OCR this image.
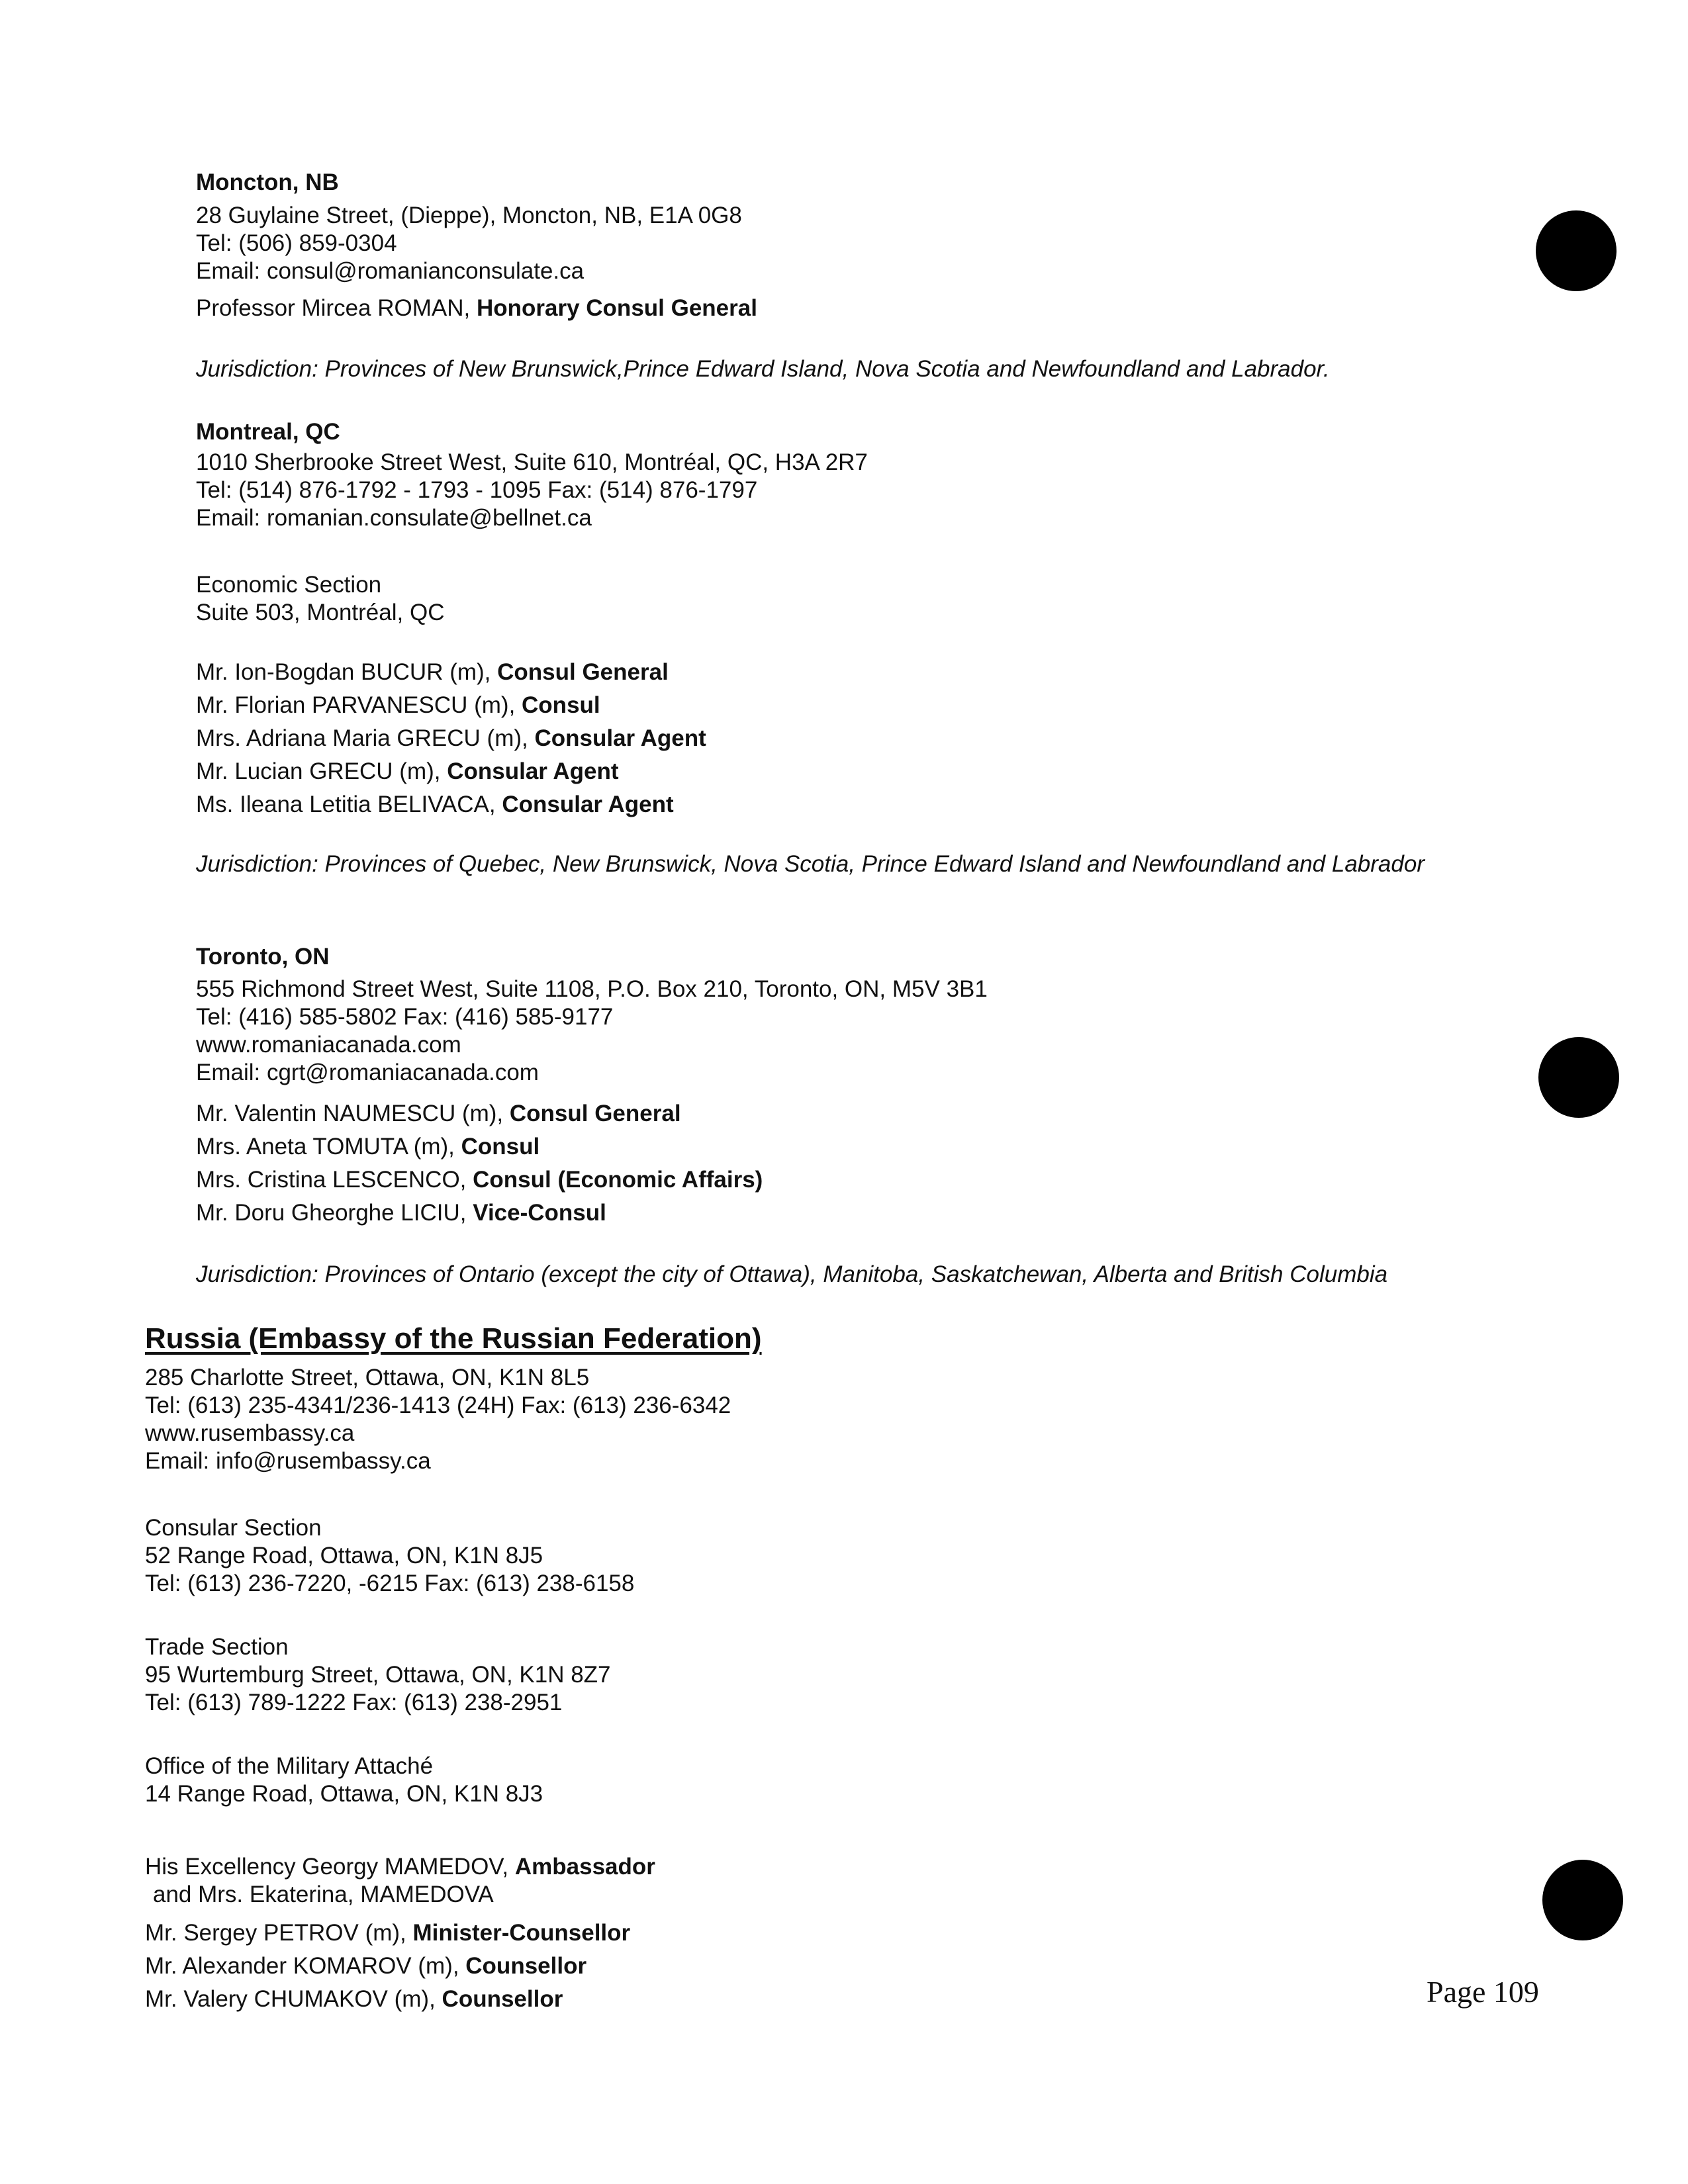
Moncton, NB
28 Guylaine Street, (Dieppe), Moncton, NB, E1A 0G8
Tel: (506) 859-0304
Email: consul@romanianconsulate.ca
Professor Mircea ROMAN, Honorary Consul General
Jurisdiction: Provinces of New Brunswick,Prince Edward Island, Nova Scotia and Newfoundland and Labrador.
Montreal, QC
1010 Sherbrooke Street West, Suite 610, Montréal, QC, H3A 2R7
Tel: (514) 876-1792 - 1793 - 1095 Fax: (514) 876-1797
Email: romanian.consulate@bellnet.ca
Economic Section
Suite 503, Montréal, QC
Mr. Ion-Bogdan BUCUR (m), Consul General
Mr. Florian PARVANESCU (m), Consul
Mrs. Adriana Maria GRECU (m), Consular Agent
Mr. Lucian GRECU (m), Consular Agent
Ms. Ileana Letitia BELIVACA, Consular Agent
Jurisdiction: Provinces of Quebec, New Brunswick, Nova Scotia, Prince Edward Island and Newfoundland and Labrador
Toronto, ON
555 Richmond Street West, Suite 1108, P.O. Box 210, Toronto, ON, M5V 3B1
Tel: (416) 585-5802 Fax: (416) 585-9177
www.romaniacanada.com
Email: cgrt@romaniacanada.com
Mr. Valentin NAUMESCU (m), Consul General
Mrs. Aneta TOMUTA (m), Consul
Mrs. Cristina LESCENCO, Consul (Economic Affairs)
Mr. Doru Gheorghe LICIU, Vice-Consul
Jurisdiction: Provinces of Ontario (except the city of Ottawa), Manitoba, Saskatchewan, Alberta and British Columbia
Russia (Embassy of the Russian Federation)
285 Charlotte Street, Ottawa, ON, K1N 8L5
Tel: (613) 235-4341/236-1413 (24H) Fax: (613) 236-6342
www.rusembassy.ca
Email: info@rusembassy.ca
Consular Section
52 Range Road, Ottawa, ON, K1N 8J5
Tel: (613) 236-7220, -6215 Fax: (613) 238-6158
Trade Section
95 Wurtemburg Street, Ottawa, ON, K1N 8Z7
Tel: (613) 789-1222 Fax: (613) 238-2951
Office of the Military Attaché
14 Range Road, Ottawa, ON, K1N 8J3
His Excellency Georgy MAMEDOV, Ambassador
and Mrs. Ekaterina, MAMEDOVA
Mr. Sergey PETROV (m), Minister-Counsellor
Mr. Alexander KOMAROV (m), Counsellor
Mr. Valery CHUMAKOV (m), Counsellor	Page 109
